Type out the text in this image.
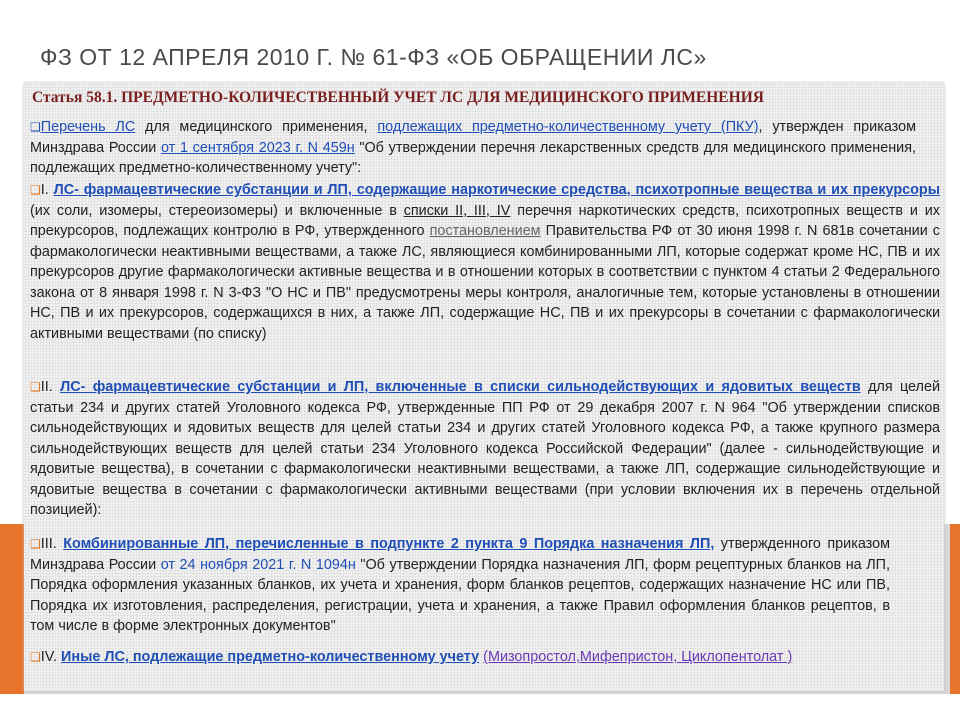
ФЗ ОТ 12 АПРЕЛЯ 2010 Г. № 61-ФЗ «ОБ ОБРАЩЕНИИ ЛС»
Статья 58.1. ПРЕДМЕТНО-КОЛИЧЕСТВЕННЫЙ УЧЕТ ЛС ДЛЯ МЕДИЦИНСКОГО ПРИМЕНЕНИЯ
❑Перечень ЛС для медицинского применения, подлежащих предметно-количественному учету (ПКУ), утвержден приказом Минздрава России от 1 сентября 2023 г. N 459н "Об утверждении перечня лекарственных средств для медицинского применения, подлежащих предметно-количественному учету":
❑I. ЛС- фармацевтические субстанции и ЛП, содержащие наркотические средства, психотропные вещества и их прекурсоры (их соли, изомеры, стереоизомеры) и включенные в списки II, III, IV перечня наркотических средств, психотропных веществ и их прекурсоров, подлежащих контролю в РФ, утвержденного постановлением Правительства РФ от 30 июня 1998 г. N 681в сочетании с фармакологически неактивными веществами, а также ЛС, являющиеся комбинированными ЛП, которые содержат кроме НС, ПВ и их прекурсоров другие фармакологически активные вещества и в отношении которых в соответствии с пунктом 4 статьи 2 Федерального закона от 8 января 1998 г. N 3-ФЗ "О НС и ПВ" предусмотрены меры контроля, аналогичные тем, которые установлены в отношении НС, ПВ и их прекурсоров, содержащихся в них, а также ЛП, содержащие НС, ПВ и их прекурсоры в сочетании с фармакологически активными веществами (по списку)
❑II. ЛС- фармацевтические субстанции и ЛП, включенные в списки сильнодействующих и ядовитых веществ для целей статьи 234 и других статей Уголовного кодекса РФ, утвержденные ПП РФ от 29 декабря 2007 г. N 964 "Об утверждении списков сильнодействующих и ядовитых веществ для целей статьи 234 и других статей Уголовного кодекса РФ, а также крупного размера сильнодействующих веществ для целей статьи 234 Уголовного кодекса Российской Федерации" (далее - сильнодействующие и ядовитые вещества), в сочетании с фармакологически неактивными веществами, а также ЛП, содержащие сильнодействующие и ядовитые вещества в сочетании с фармакологически активными веществами (при условии включения их в перечень отдельной позицией):
❑III. Комбинированные ЛП, перечисленные в подпункте 2 пункта 9 Порядка назначения ЛП, утвержденного приказом Минздрава России от 24 ноября 2021 г. N 1094н "Об утверждении Порядка назначения ЛП, форм рецептурных бланков на ЛП, Порядка оформления указанных бланков, их учета и хранения, форм бланков рецептов, содержащих назначение НС или ПВ, Порядка их изготовления, распределения, регистрации, учета и хранения, а также Правил оформления бланков рецептов, в том числе в форме электронных документов"
❑IV. Иные ЛС, подлежащие предметно-количественному учету (Мизопростол,Мифепристон, Циклопентолат )
